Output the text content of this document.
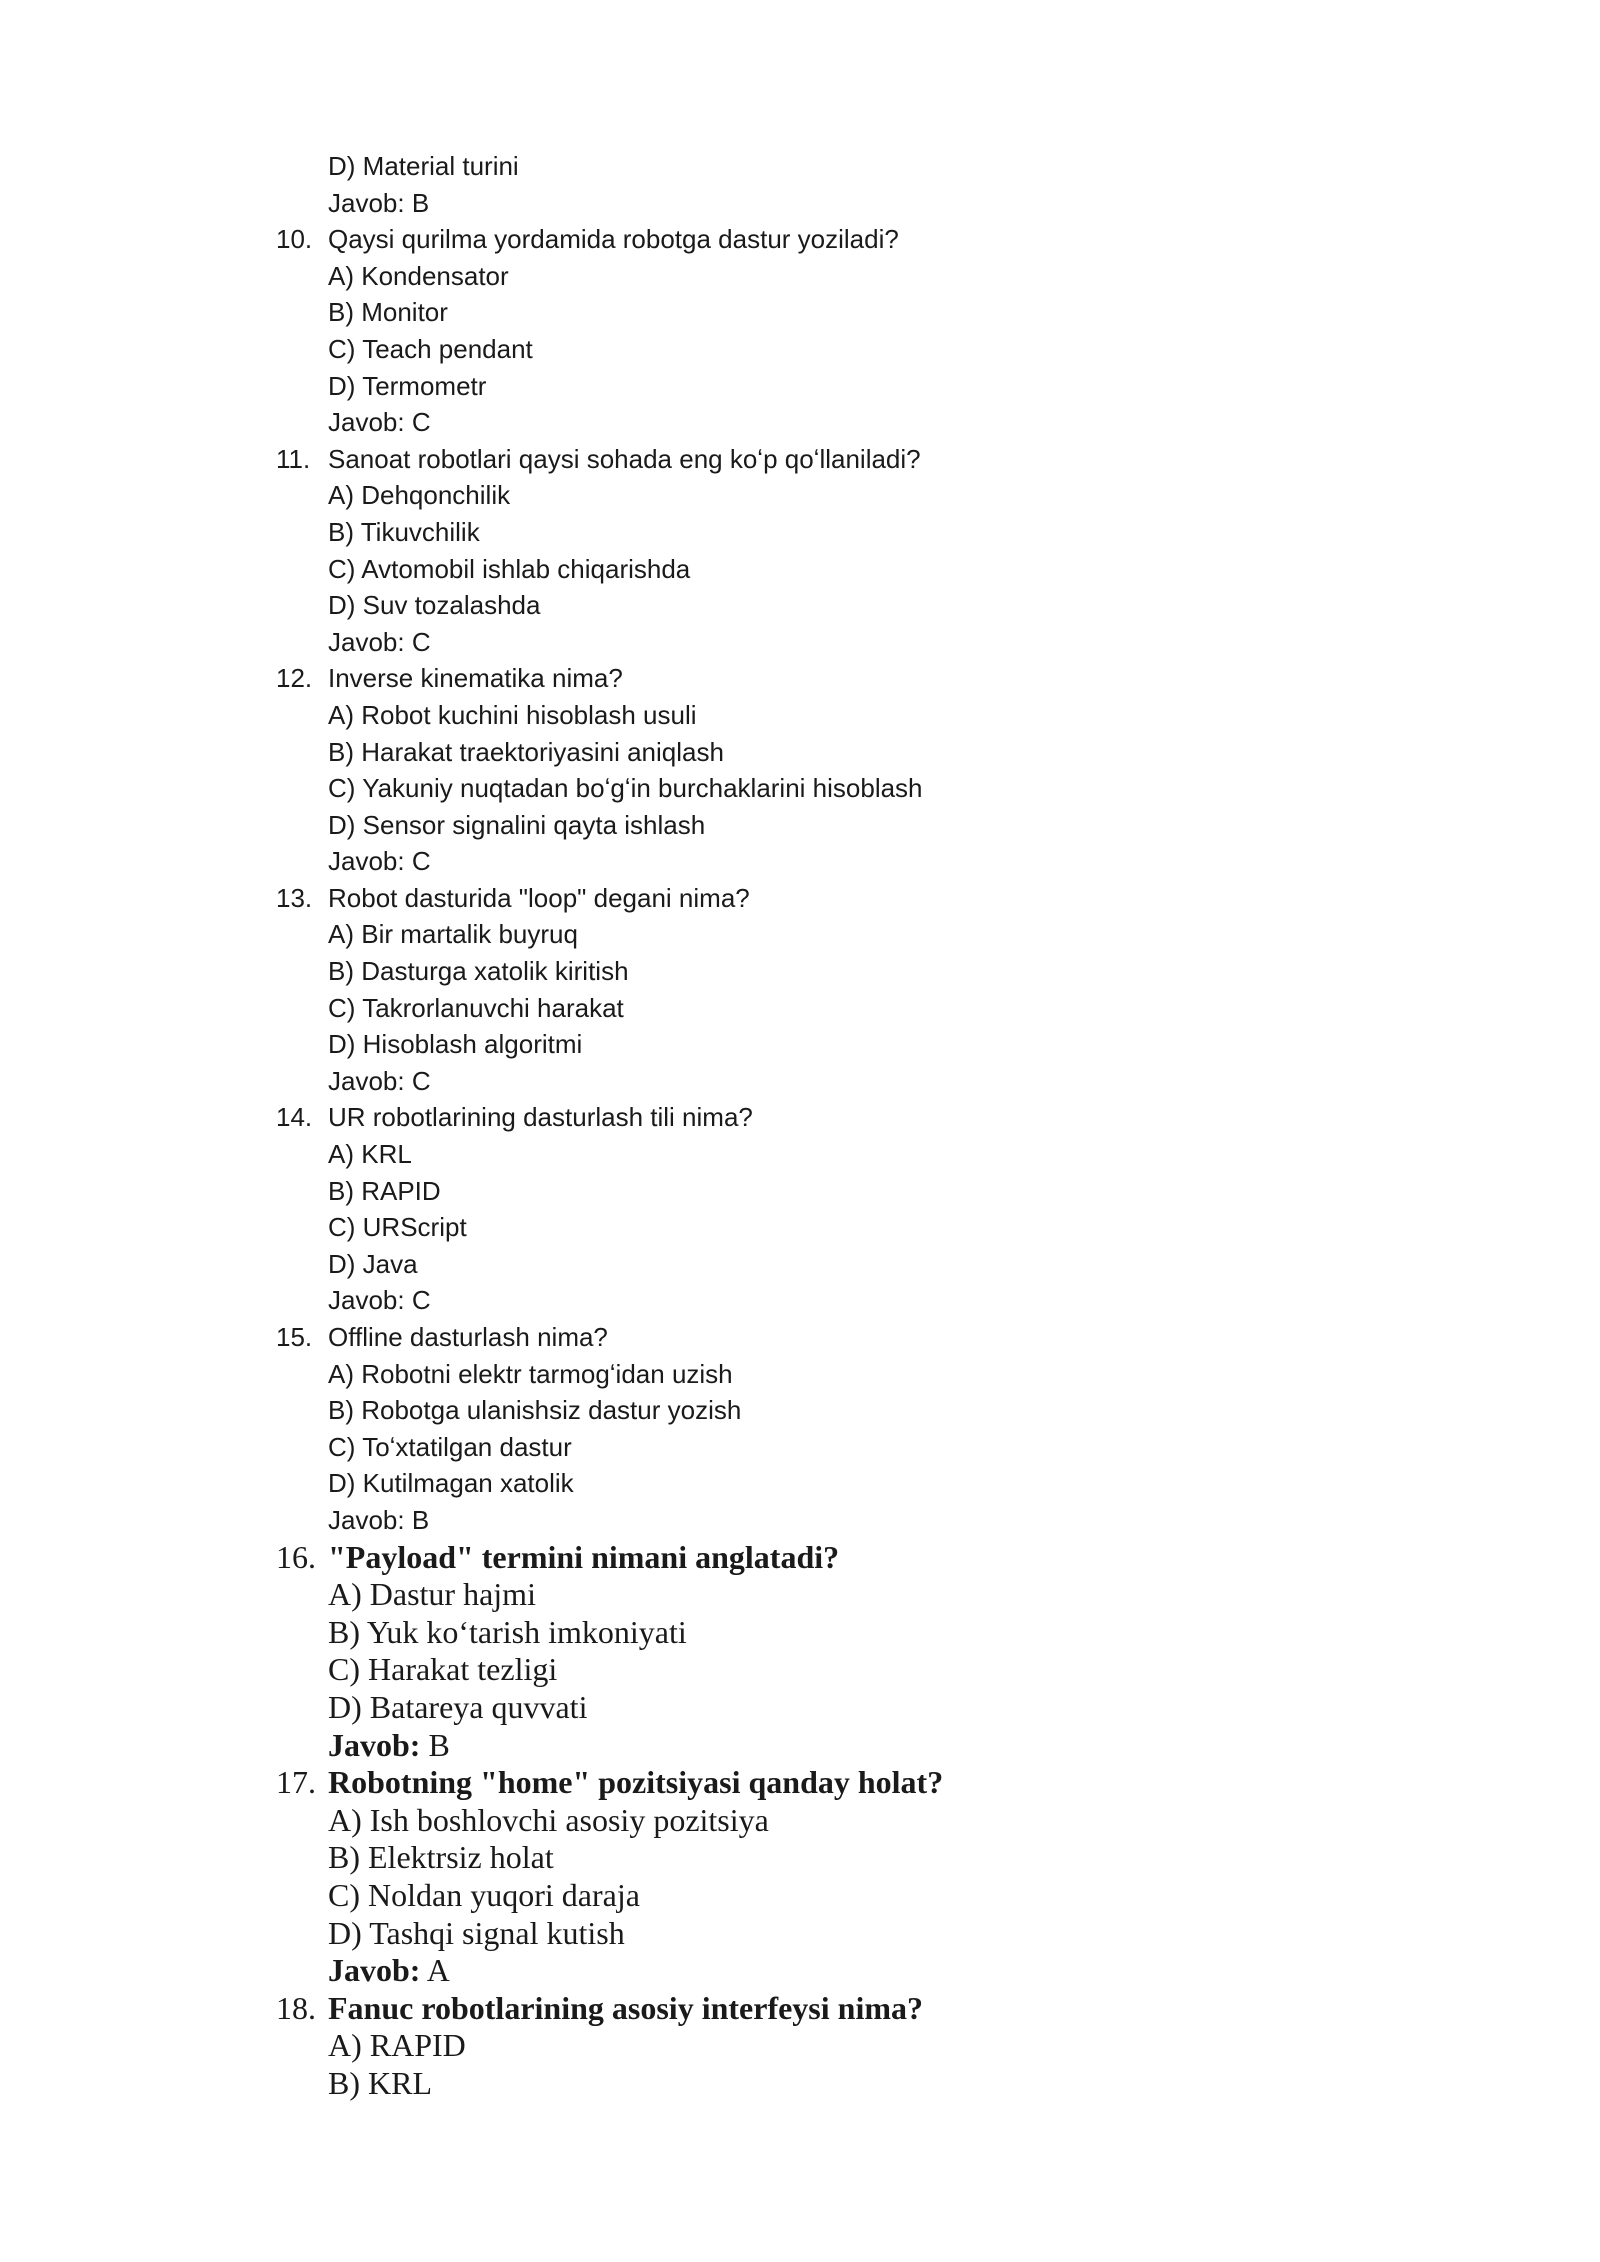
D) Material turini
Javob: B
10. Qaysi qurilma yordamida robotga dastur yoziladi?
A) Kondensator
B) Monitor
C) Teach pendant
D) Termometr
Javob: C
11. Sanoat robotlari qaysi sohada eng koʻp qoʻllaniladi?
A) Dehqonchilik
B) Tikuvchilik
C) Avtomobil ishlab chiqarishda
D) Suv tozalashda
Javob: C
12. Inverse kinematika nima?
A) Robot kuchini hisoblash usuli
B) Harakat traektoriyasini aniqlash
C) Yakuniy nuqtadan boʻgʻin burchaklarini hisoblash
D) Sensor signalini qayta ishlash
Javob: C
13. Robot dasturida "loop" degani nima?
A) Bir martalik buyruq
B) Dasturga xatolik kiritish
C) Takrorlanuvchi harakat
D) Hisoblash algoritmi
Javob: C
14. UR robotlarining dasturlash tili nima?
A) KRL
B) RAPID
C) URScript
D) Java
Javob: C
15. Offline dasturlash nima?
A) Robotni elektr tarmogʻidan uzish
B) Robotga ulanishsiz dastur yozish
C) Toʻxtatilgan dastur
D) Kutilmagan xatolik
Javob: B
16. "Payload" termini nimani anglatadi?
A) Dastur hajmi
B) Yuk koʻtarish imkoniyati
C) Harakat tezligi
D) Batareya quvvati
Javob: B
17. Robotning "home" pozitsiyasi qanday holat?
A) Ish boshlovchi asosiy pozitsiya
B) Elektrsiz holat
C) Noldan yuqori daraja
D) Tashqi signal kutish
Javob: A
18. Fanuc robotlarining asosiy interfeysi nima?
A) RAPID
B) KRL
